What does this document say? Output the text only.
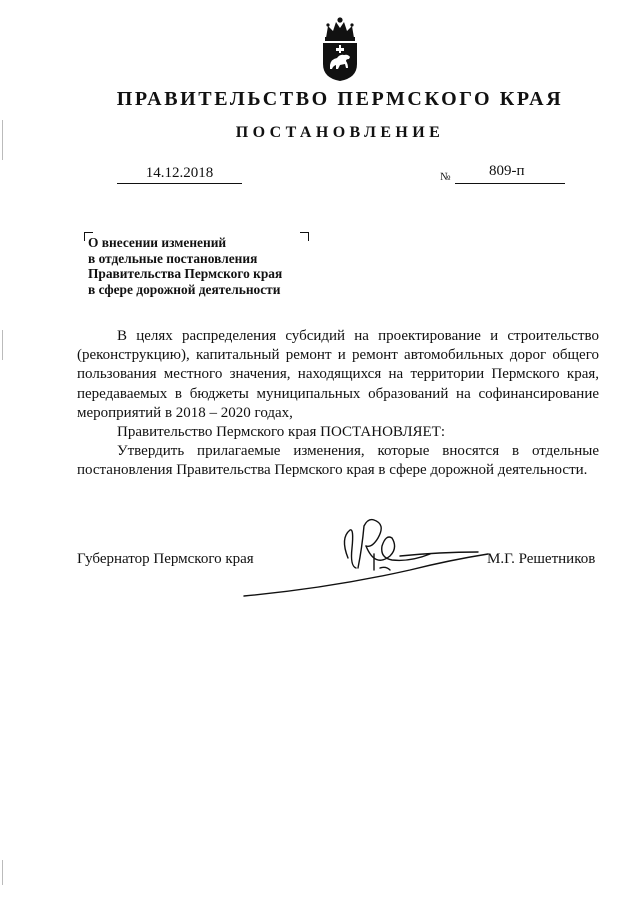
ПРАВИТЕЛЬСТВО ПЕРМСКОГО КРАЯ
ПОСТАНОВЛЕНИЕ
14.12.2018	№	809-п
О внесении изменений
в отдельные постановления
Правительства Пермского края
в сфере дорожной деятельности

В целях распределения субсидий на проектирование и строительство

(реконструкцию), капитальный ремонт и ремонт автомобильных дорог общего

пользования местного значения, находящихся на территории Пермского края,

передаваемых в бюджеты муниципальных образований на софинансирование

мероприятий в 2018 – 2020 годах,

Правительство Пермского края ПОСТАНОВЛЯЕТ:

Утвердить прилагаемые изменения, которые вносятся в отдельные

постановления Правительства Пермского края в сфере дорожной деятельности.

Губернатор Пермского края	М.Г. Решетников
